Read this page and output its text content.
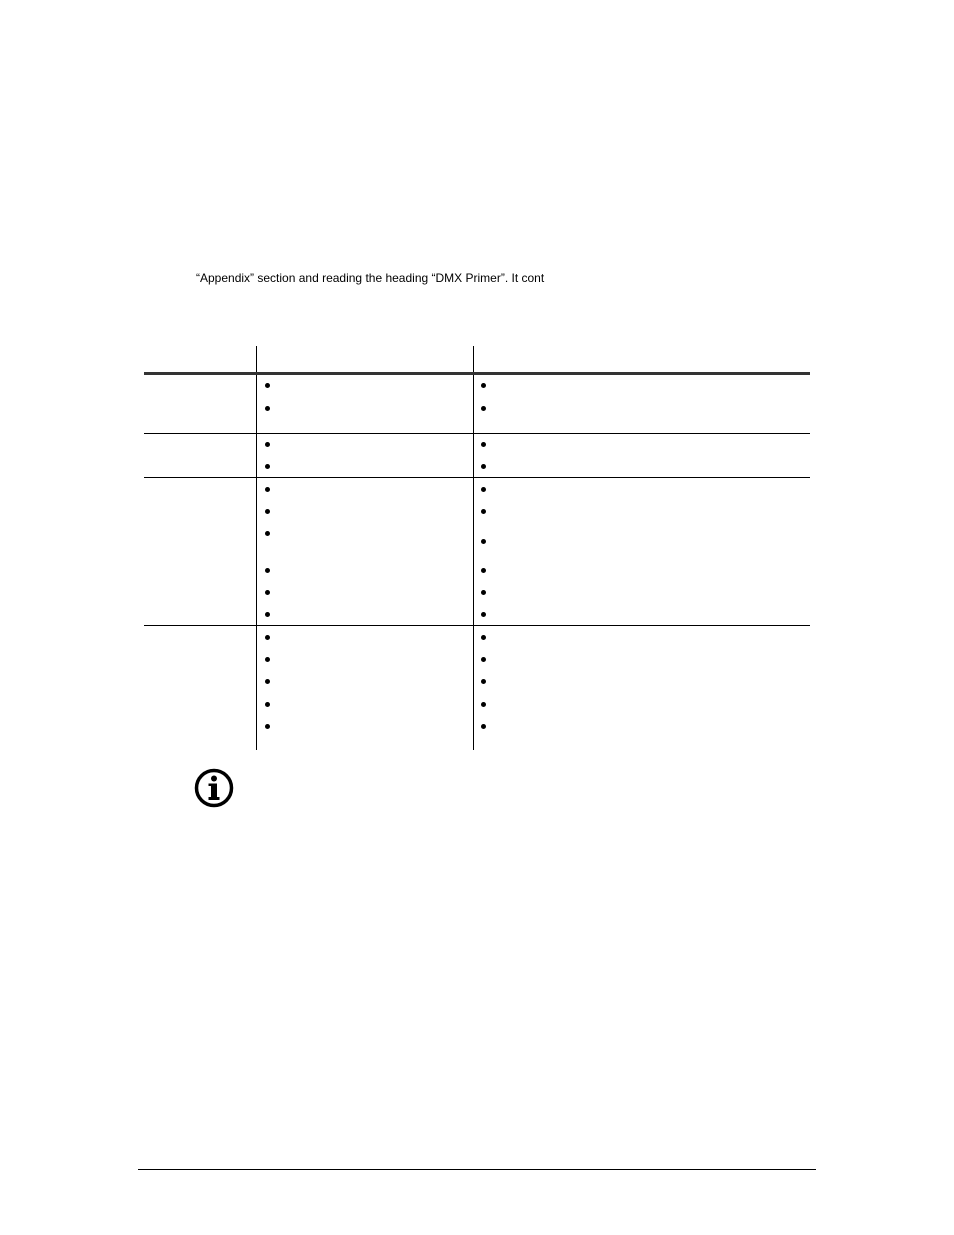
“Appendix” section and reading the heading “DMX Primer”. It cont
